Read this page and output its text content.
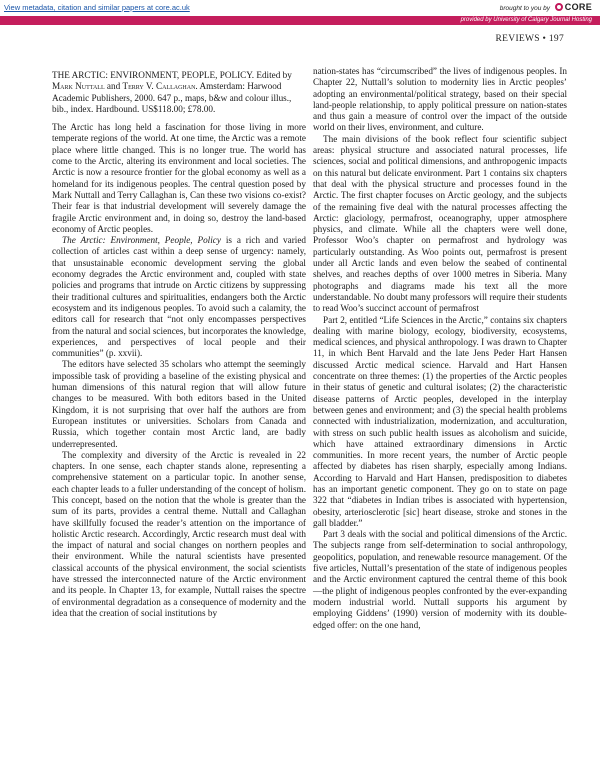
View metadata, citation and similar papers at core.ac.uk	brought to you by CORE
provided by University of Calgary Journal Hosting
REVIEWS • 197

THE ARCTIC: ENVIRONMENT, PEOPLE, POLICY. Edited by Mark Nuttall and Terry V. Callaghan. Amsterdam: Harwood Academic Publishers, 2000. 647 p., maps, b&w and colour illus., bib., index. Hardbound. US$118.00; £78.00.

The Arctic has long held a fascination for those living in more temperate regions of the world. At one time, the Arctic was a remote place where little changed. This is no longer true. The world has come to the Arctic, altering its environment and local societies. The Arctic is now a resource frontier for the global economy as well as a homeland for its indigenous peoples. The central question posed by Mark Nuttall and Terry Callaghan is, Can these two visions co-exist? Their fear is that industrial development will severely damage the fragile Arctic environment and, in doing so, destroy the land-based economy of Arctic peoples.

The Arctic: Environment, People, Policy is a rich and varied collection of articles cast within a deep sense of urgency: namely, that unsustainable economic development serving the global economy degrades the Arctic environment and, coupled with state policies and programs that intrude on Arctic citizens by suppressing their traditional cultures and spiritualities, endangers both the Arctic ecosystem and its indigenous peoples. To avoid such a calamity, the editors call for research that “not only encompasses perspectives from the natural and social sciences, but incorporates the knowledge, experiences, and perspectives of local people and their communities” (p. xxvii).

The editors have selected 35 scholars who attempt the seemingly impossible task of providing a baseline of the existing physical and human dimensions of this natural region that will allow future changes to be measured. With both editors based in the United Kingdom, it is not surprising that over half the authors are from European institutes or universities. Scholars from Canada and Russia, which together contain most Arctic land, are badly underrepresented.

The complexity and diversity of the Arctic is revealed in 22 chapters. In one sense, each chapter stands alone, representing a comprehensive statement on a particular topic. In another sense, each chapter leads to a fuller understanding of the concept of holism. This concept, based on the notion that the whole is greater than the sum of its parts, provides a central theme. Nuttall and Callaghan have skillfully focused the reader’s attention on the importance of holistic Arctic research. Accordingly, Arctic research must deal with the impact of natural and social changes on northern peoples and their environment. While the natural scientists have presented classical accounts of the physical environment, the social scientists have stressed the interconnected nature of the Arctic environment and its people. In Chapter 13, for example, Nuttall raises the spectre of environmental degradation as a consequence of modernity and the idea that the creation of social institutions by

nation-states has “circumscribed” the lives of indigenous peoples. In Chapter 22, Nuttall’s solution to modernity lies in Arctic peoples’ adopting an environmental/political strategy, based on their special land-people relationship, to apply political pressure on nation-states and thus gain a measure of control over the impact of the outside world on their lives, environment, and culture.

The main divisions of the book reflect four scientific subject areas: physical structure and associated natural processes, life sciences, social and political dimensions, and anthropogenic impacts on this natural but delicate environment. Part 1 contains six chapters that deal with the physical structure and processes found in the Arctic. The first chapter focuses on Arctic geology, and the subjects of the remaining five deal with the natural processes affecting the Arctic: glaciology, permafrost, oceanography, upper atmosphere physics, and climate. While all the chapters were well done, Professor Woo’s chapter on permafrost and hydrology was particularly outstanding. As Woo points out, permafrost is present under all Arctic lands and even below the seabed of continental shelves, and reaches depths of over 1000 metres in Siberia. Many photographs and diagrams made his text all the more understandable. No doubt many professors will require their students to read Woo’s succinct account of permafrost

Part 2, entitled “Life Sciences in the Arctic,” contains six chapters dealing with marine biology, ecology, biodiversity, ecosystems, medical sciences, and physical anthropology. I was drawn to Chapter 11, in which Bent Harvald and the late Jens Peder Hart Hansen discussed Arctic medical science. Harvald and Hart Hansen concentrate on three themes: (1) the properties of the Arctic peoples in their status of genetic and cultural isolates; (2) the characteristic disease patterns of Arctic peoples, developed in the interplay between genes and environment; and (3) the special health problems connected with industrialization, modernization, and acculturation, with stress on such public health issues as alcoholism and suicide, which have attained extraordinary dimensions in Arctic communities. In more recent years, the number of Arctic people affected by diabetes has risen sharply, especially among Indians. According to Harvald and Hart Hansen, predisposition to diabetes has an important genetic component. They go on to state on page 322 that “diabetes in Indian tribes is associated with hypertension, obesity, arteriosclerotic [sic] heart disease, stroke and stones in the gall bladder.”

Part 3 deals with the social and political dimensions of the Arctic. The subjects range from self-determination to social anthropology, geopolitics, population, and renewable resource management. Of the five articles, Nuttall’s presentation of the state of indigenous peoples and the Arctic environment captured the central theme of this book—the plight of indigenous peoples confronted by the ever-expanding modern industrial world. Nuttall supports his argument by employing Giddens’ (1990) version of modernity with its double-edged offer: on the one hand,
